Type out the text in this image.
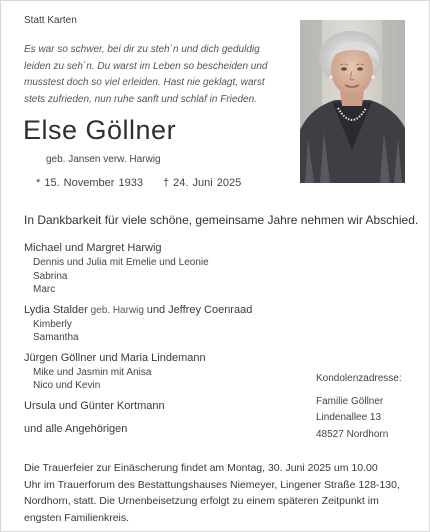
Statt Karten
Es war so schwer, bei dir zu steh`n und dich geduldig
leiden zu seh`n. Du warst im Leben so bescheiden und
musstest doch so viel erleiden. Hast nie geklagt, warst
stets zufrieden, nun ruhe sanft und schlaf in Frieden.
Else Göllner
geb. Jansen verw. Harwig
* 15. November 1933 † 24. Juni 2025
In Dankbarkeit für viele schöne, gemeinsame Jahre nehmen wir Abschied.
Michael und Margret Harwig
Dennis und Julia mit Emelie und Leonie
Sabrina
Marc
Lydia Stalder geb. Harwig und Jeffrey Coenraad
Kimberly
Samantha
Jürgen Göllner und Maria Lindemann
Mike und Jasmin mit Anisa
Nico und Kevin
Ursula und Günter Kortmann
und alle Angehörigen
Kondolenzadresse:
Familie Göllner
Lindenallee 13
48527 Nordhorn
Die Trauerfeier zur Einäscherung findet am Montag, 30. Juni 2025 um 10.00
Uhr im Trauerforum des Bestattungshauses Niemeyer, Lingener Straße 128-130,
Nordhorn, statt. Die Urnenbeisetzung erfolgt zu einem späteren Zeitpunkt im
engsten Familienkreis.
